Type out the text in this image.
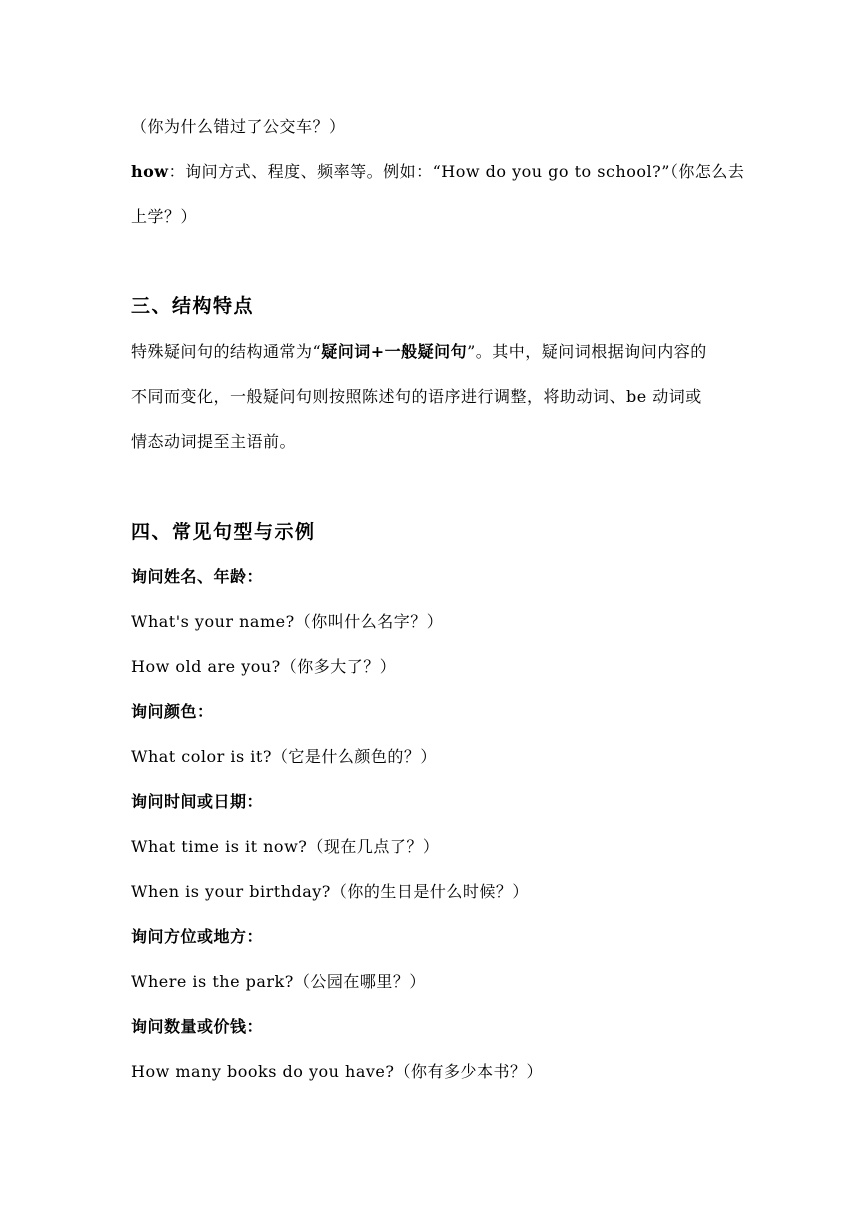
（你为什么错过了公交车？）
how：询问方式、程度、频率等。例如：“How do you go to school?”（你怎么去
上学？）
三、结构特点
特殊疑问句的结构通常为“疑问词+一般疑问句”。其中，疑问词根据询问内容的
不同而变化，一般疑问句则按照陈述句的语序进行调整，将助动词、be 动词或
情态动词提至主语前。
四、常见句型与示例
询问姓名、年龄：
What's your name?（你叫什么名字？）
How old are you?（你多大了？）
询问颜色：
What color is it?（它是什么颜色的？）
询问时间或日期：
What time is it now?（现在几点了？）
When is your birthday?（你的生日是什么时候？）
询问方位或地方：
Where is the park?（公园在哪里？）
询问数量或价钱：
How many books do you have?（你有多少本书？）
